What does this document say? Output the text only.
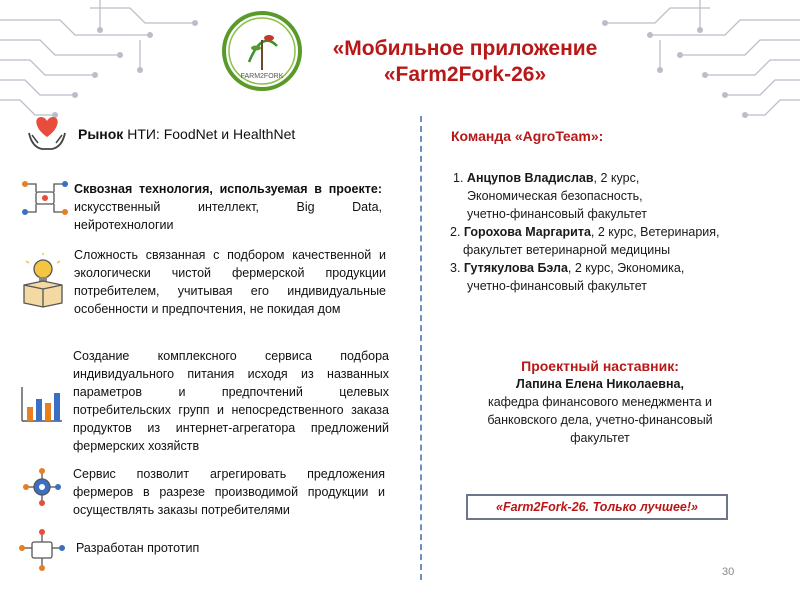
FARM2FORK
«Мобильное приложение
«Farm2Fork-26»
Рынок НТИ: FoodNet и HealthNet
Сквозная технология, используемая в проекте: искусственный интеллект, Big Data, нейротехнологии
Сложность связанная с подбором качественной и экологически чистой фермерской продукции потребителем, учитывая его индивидуальные особенности и предпочтения, не покидая дом
Создание комплексного сервиса подбора индивидуального питания исходя из названных параметров и предпочтений целевых потребительских групп и непосредственного заказа продуктов из интернет-агрегатора предложений фермерских хозяйств
Сервис позволит агрегировать предложения фермеров в разрезе производимой продукции и осуществлять заказы потребителями
Разработан прототип
Команда «AgroTeam»:
1. Анцупов Владислав, 2 курс,
Экономическая безопасность,
учетно-финансовый факультет
2. Горохова Маргарита, 2 курс, Ветеринария,
факультет ветеринарной медицины
3. Гутякулова Бэла, 2 курс, Экономика,
учетно-финансовый факультет
Проектный наставник:
Лапина Елена Николаевна,
кафедра финансового менеджмента и
банковского дела, учетно-финансовый
факультет
«Farm2Fork-26. Только лучшее!»
30
